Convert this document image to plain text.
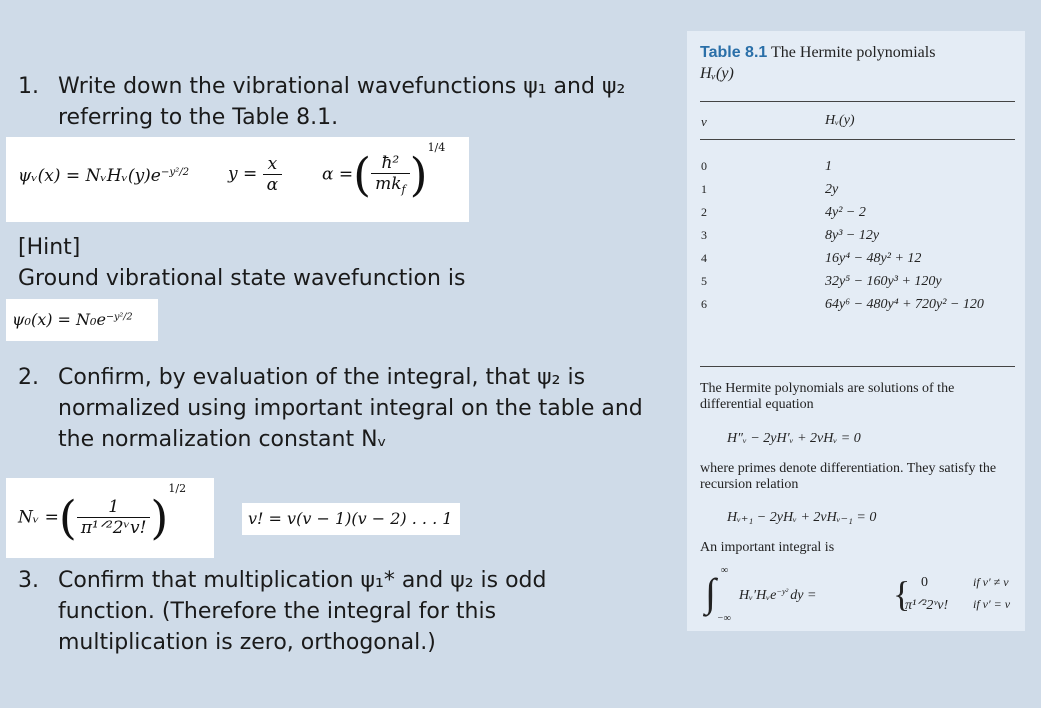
1. Write down the vibrational wavefunctions ψ₁ and ψ₂
referring to the Table 8.1.
ψᵥ(x) = $NᵥHᵥ(y)e^{-y^2/2}$ $y = \frac{x}{\alpha}$ α =( $\frac{\text{ħ²}}{mk_f} )^{1/4}$
[Hint]
Ground vibrational state wavefunction is
$\psi_0(x) = N_0e^{-y^2/2}$
2. Confirm, by evaluation of the integral, that ψ₂ is
normalized using important integral on the table and
the normalization constant Nᵥ
Nᵥ =( $\frac{1}{\text{π¹ᐟ²2ᵛv!}} )^{1/2}$
v! = v(v − 1)(v − 2) . . . 1
3. Confirm that multiplication ψ₁* and ψ₂ is odd
function. (Therefore the integral for this
multiplication is zero, orthogonal.)
Table 8.1 The Hermite polynomials
Hᵥ(y)
v	Hᵥ(y)
0	1
1	2y
2	4y² − 2
3	8y³ − 12y
4	16y⁴ − 48y² + 12
5	32y⁵ − 160y³ + 120y
6	64y⁶ − 480y⁴ + 720y² − 120
The Hermite polynomials are solutions of the differential equation
H″ᵥ − 2yH′ᵥ + 2vHᵥ = 0
where primes denote differentiation. They satisfy the recursion relation
Hᵥ₊₁ − 2yHᵥ + 2vHᵥ₋₁ = 0
An important integral is
∫ ∞
−∞
Hᵥ′Hᵥe$^{-y^2}$ dy = { 0	if v′ ≠ v
π¹ᐟ²2ᵛv! if v′ = v
